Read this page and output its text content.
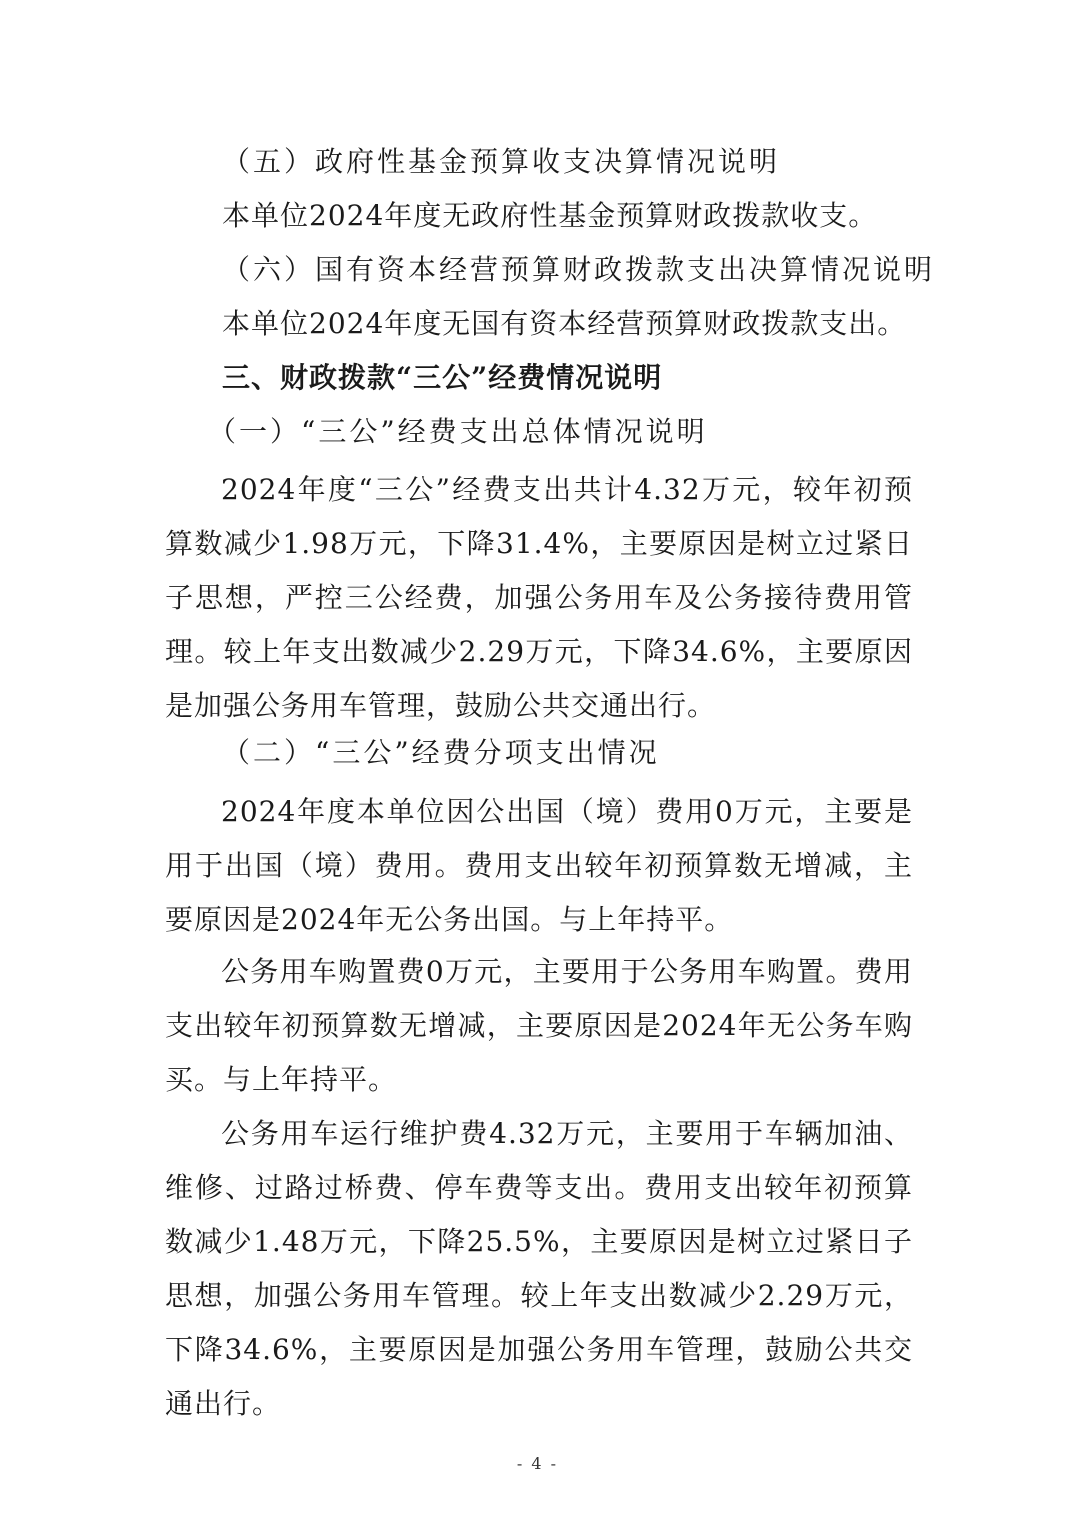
（五）政府性基金预算收支决算情况说明
本单位2024年度无政府性基金预算财政拨款收支。
（六）国有资本经营预算财政拨款支出决算情况说明
本单位2024年度无国有资本经营预算财政拨款支出。
三、财政拨款“三公”经费情况说明
（一）“三公”经费支出总体情况说明

2024年度“三公”经费支出共计4.32万元，较年初预算数减少1.98万元，下降31.4%，主要原因是树立过紧日子思想，严控三公经费，加强公务用车及公务接待费用管理。较上年支出数减少2.29万元，下降34.6%，主要原因是加强公务用车管理，鼓励公共交通出行。

（二）“三公”经费分项支出情况

2024年度本单位因公出国（境）费用0万元，主要是用于出国（境）费用。费用支出较年初预算数无增减，主要原因是2024年无公务出国。与上年持平。

公务用车购置费0万元，主要用于公务用车购置。费用支出较年初预算数无增减，主要原因是2024年无公务车购买。与上年持平。

公务用车运行维护费4.32万元，主要用于车辆加油、维修、过路过桥费、停车费等支出。费用支出较年初预算数减少1.48万元，下降25.5%，主要原因是树立过紧日子思想，加强公务用车管理。较上年支出数减少2.29万元，下降34.6%，主要原因是加强公务用车管理，鼓励公共交通出行。

- 4 -
